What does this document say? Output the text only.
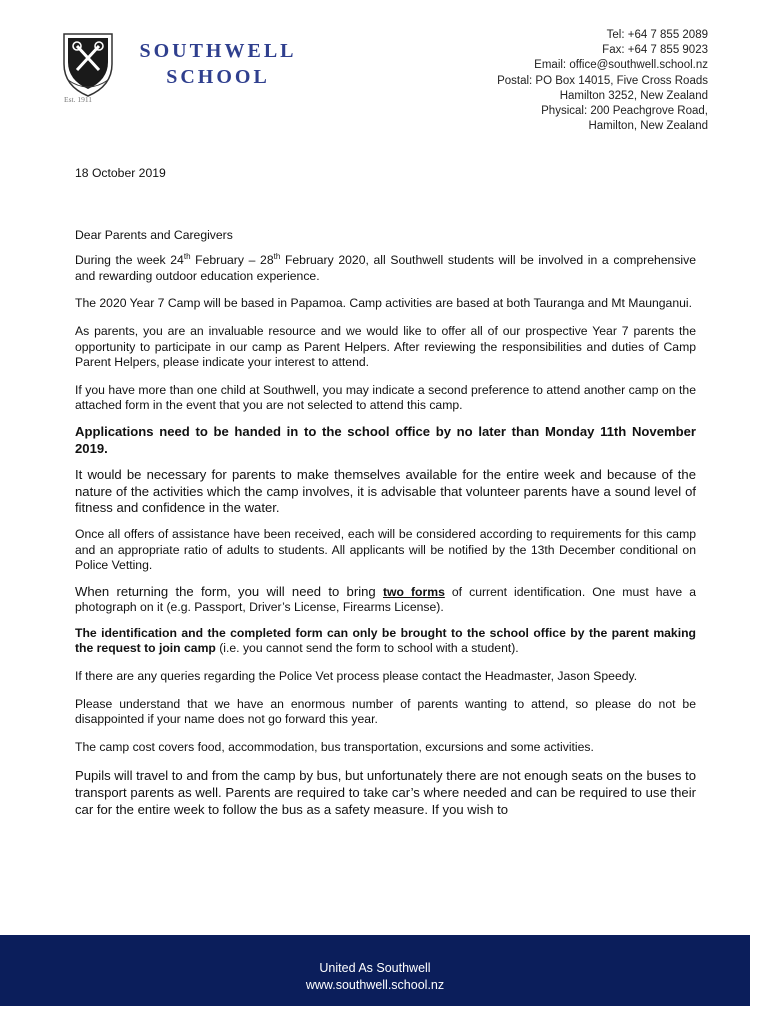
Est. 1911
SOUTHWELL
SCHOOL
Tel: +64 7 855 2089
Fax: +64 7 855 9023
Email: office@southwell.school.nz
Postal: PO Box 14015, Five Cross Roads
Hamilton 3252, New Zealand
Physical: 200 Peachgrove Road,
Hamilton, New Zealand

18 October 2019

Dear Parents and Caregivers

During the week 24th February – 28th February 2020, all Southwell students will be involved in a comprehensive and rewarding outdoor education experience.

The 2020 Year 7 Camp will be based in Papamoa. Camp activities are based at both Tauranga and Mt Maunganui.

As parents, you are an invaluable resource and we would like to offer all of our prospective Year 7 parents the opportunity to participate in our camp as Parent Helpers. After reviewing the responsibilities and duties of Camp Parent Helpers, please indicate your interest to attend.

If you have more than one child at Southwell, you may indicate a second preference to attend another camp on the attached form in the event that you are not selected to attend this camp.

Applications need to be handed in to the school office by no later than Monday 11th November 2019.

It would be necessary for parents to make themselves available for the entire week and because of the nature of the activities which the camp involves, it is advisable that volunteer parents have a sound level of fitness and confidence in the water.

Once all offers of assistance have been received, each will be considered according to requirements for this camp and an appropriate ratio of adults to students. All applicants will be notified by the 13th December conditional on Police Vetting.

When returning the form, you will need to bring two forms of current identification. One must have a photograph on it (e.g. Passport, Driver’s License, Firearms License).

The identification and the completed form can only be brought to the school office by the parent making the request to join camp (i.e. you cannot send the form to school with a student).

If there are any queries regarding the Police Vet process please contact the Headmaster, Jason Speedy.

Please understand that we have an enormous number of parents wanting to attend, so please do not be disappointed if your name does not go forward this year.

The camp cost covers food, accommodation, bus transportation, excursions and some activities.

Pupils will travel to and from the camp by bus, but unfortunately there are not enough seats on the buses to transport parents as well. Parents are required to take car’s where needed and can be required to use their car for the entire week to follow the bus as a safety measure. If you wish to

United As Southwell
www.southwell.school.nz
